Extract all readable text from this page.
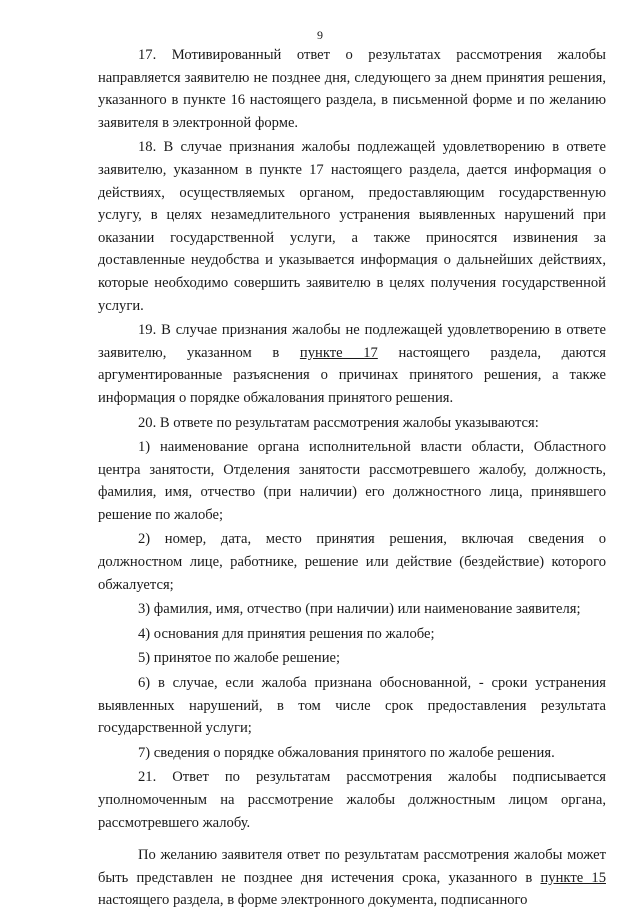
9

17. Мотивированный ответ о результатах рассмотрения жалобы направляется заявителю не позднее дня, следующего за днем принятия решения, указанного в пункте 16 настоящего раздела, в письменной форме и по желанию заявителя в электронной форме.

18. В случае признания жалобы подлежащей удовлетворению в ответе заявителю, указанном в пункте 17 настоящего раздела, дается информация о действиях, осуществляемых органом, предоставляющим государственную услугу, в целях незамедлительного устранения выявленных нарушений при оказании государственной услуги, а также приносятся извинения за доставленные неудобства и указывается информация о дальнейших действиях, которые необходимо совершить заявителю в целях получения государственной услуги.

19. В случае признания жалобы не подлежащей удовлетворению в ответе заявителю, указанном в пункте 17 настоящего раздела, даются аргументированные разъяснения о причинах принятого решения, а также информация о порядке обжалования принятого решения.

20. В ответе по результатам рассмотрения жалобы указываются:

1) наименование органа исполнительной власти области, Областного центра занятости, Отделения занятости рассмотревшего жалобу, должность, фамилия, имя, отчество (при наличии) его должностного лица, принявшего решение по жалобе;

2) номер, дата, место принятия решения, включая сведения о должностном лице, работнике, решение или действие (бездействие) которого обжалуется;

3) фамилия, имя, отчество (при наличии) или наименование заявителя;

4) основания для принятия решения по жалобе;

5) принятое по жалобе решение;

6) в случае, если жалоба признана обоснованной, - сроки устранения выявленных нарушений, в том числе срок предоставления результата государственной услуги;

7) сведения о порядке обжалования принятого по жалобе решения.

21. Ответ по результатам рассмотрения жалобы подписывается уполномоченным на рассмотрение жалобы должностным лицом органа, рассмотревшего жалобу.

По желанию заявителя ответ по результатам рассмотрения жалобы может быть представлен не позднее дня истечения срока, указанного в пункте 15 настоящего раздела, в форме электронного документа, подписанного
